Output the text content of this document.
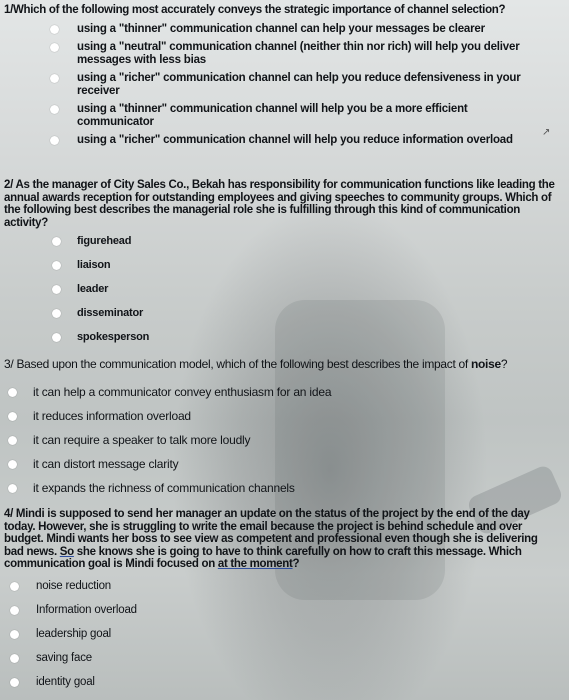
1/Which of the following most accurately conveys the strategic importance of channel selection?

using a "thinner" communication channel can help your messages be clearer
using a "neutral" communication channel (neither thin nor rich) will help you deliver messages with less bias
using a "richer" communication channel can help you reduce defensiveness in your receiver
using a "thinner" communication channel will help you be a more efficient communicator
using a "richer" communication channel will help you reduce information overload
↗

2/ As the manager of City Sales Co., Bekah has responsibility for communication functions like leading the annual awards reception for outstanding employees and giving speeches to community groups. Which of the following best describes the managerial role she is fulfilling through this kind of communication activity?

figurehead
liaison
leader
disseminator
spokesperson

3/ Based upon the communication model, which of the following best describes the impact of noise?

it can help a communicator convey enthusiasm for an idea
it reduces information overload
it can require a speaker to talk more loudly
it can distort message clarity
it expands the richness of communication channels

4/ Mindi is supposed to send her manager an update on the status of the project by the end of the day today. However, she is struggling to write the email because the project is behind schedule and over budget. Mindi wants her boss to see view as competent and professional even though she is delivering bad news. So she knows she is going to have to think carefully on how to craft this message. Which communication goal is Mindi focused on at the moment?

noise reduction
Information overload
leadership goal
saving face
identity goal
